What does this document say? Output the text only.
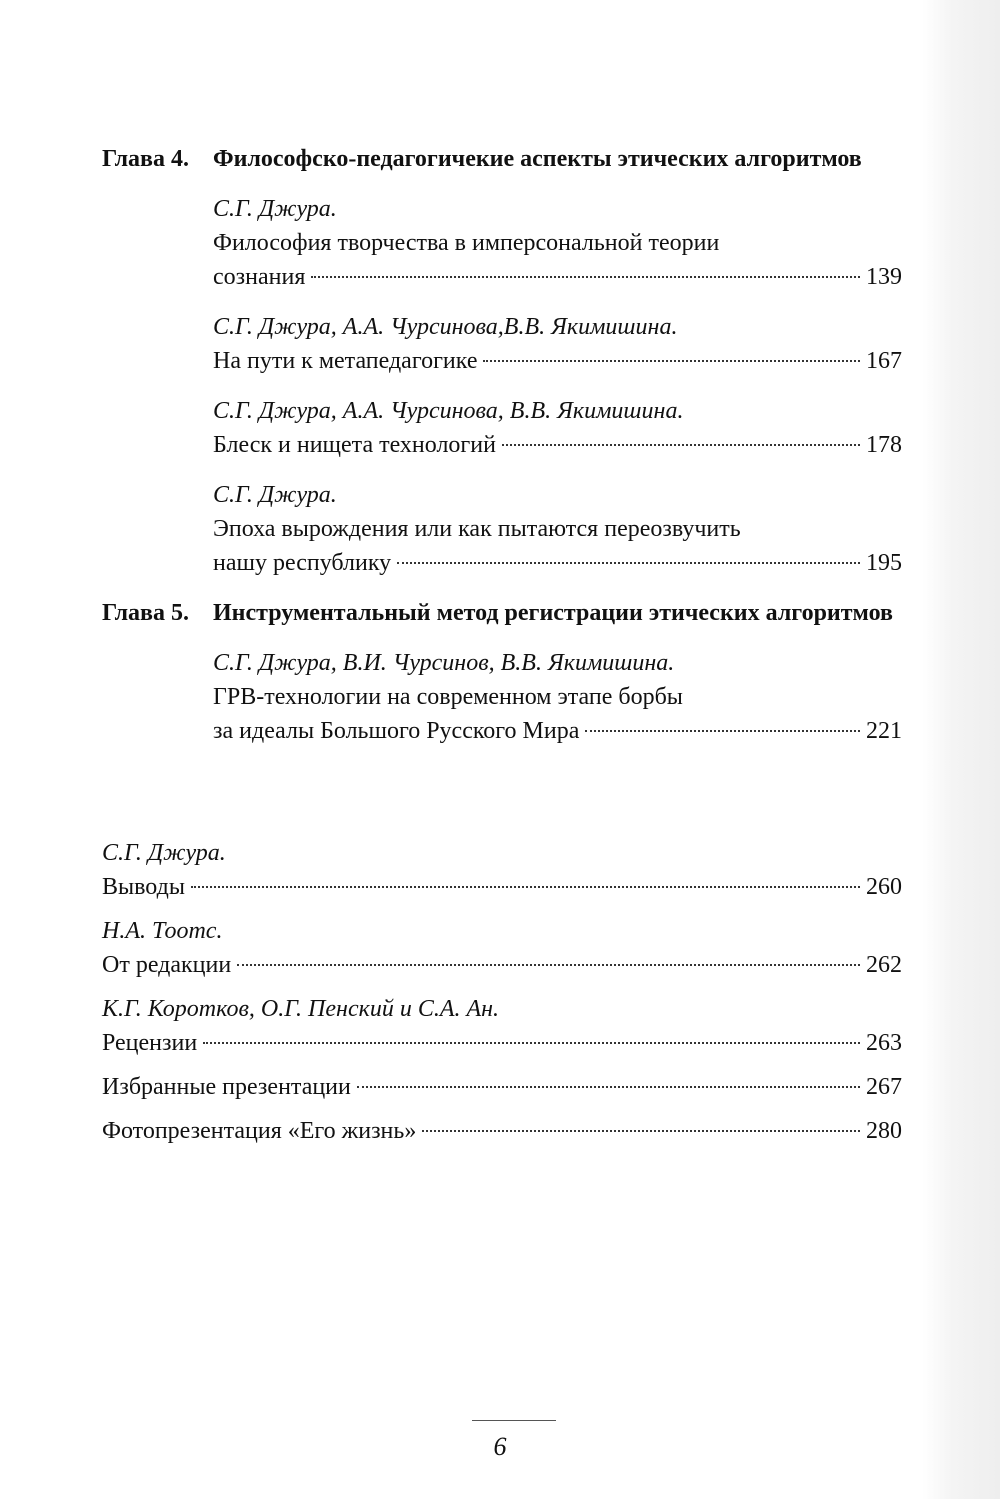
Глава 4.	Философско-педагогичекие аспекты этических алгоритмов
С.Г. Джура.
Философия творчества в имперсональной теории
сознания	139
С.Г. Джура, А.А. Чурсинова,В.В. Якимишина.
На пути к метапедагогике	167
С.Г. Джура, А.А. Чурсинова, В.В. Якимишина.
Блеск и нищета технологий	178
С.Г. Джура.
Эпоха вырождения или как пытаются переозвучить
нашу республику	195
Глава 5.	Инструментальный метод регистрации этических алгоритмов
С.Г. Джура, В.И. Чурсинов, В.В. Якимишина.
ГРВ-технологии на современном этапе борбы
за идеалы Большого Русского Мира	221
С.Г. Джура.
Выводы	260
Н.А. Тоотс.
От редакции	262
К.Г. Коротков, О.Г. Пенский и С.А. Ан.
Рецензии	263
Избранные презентации	267
Фотопрезентация «Его жизнь»	280
6
